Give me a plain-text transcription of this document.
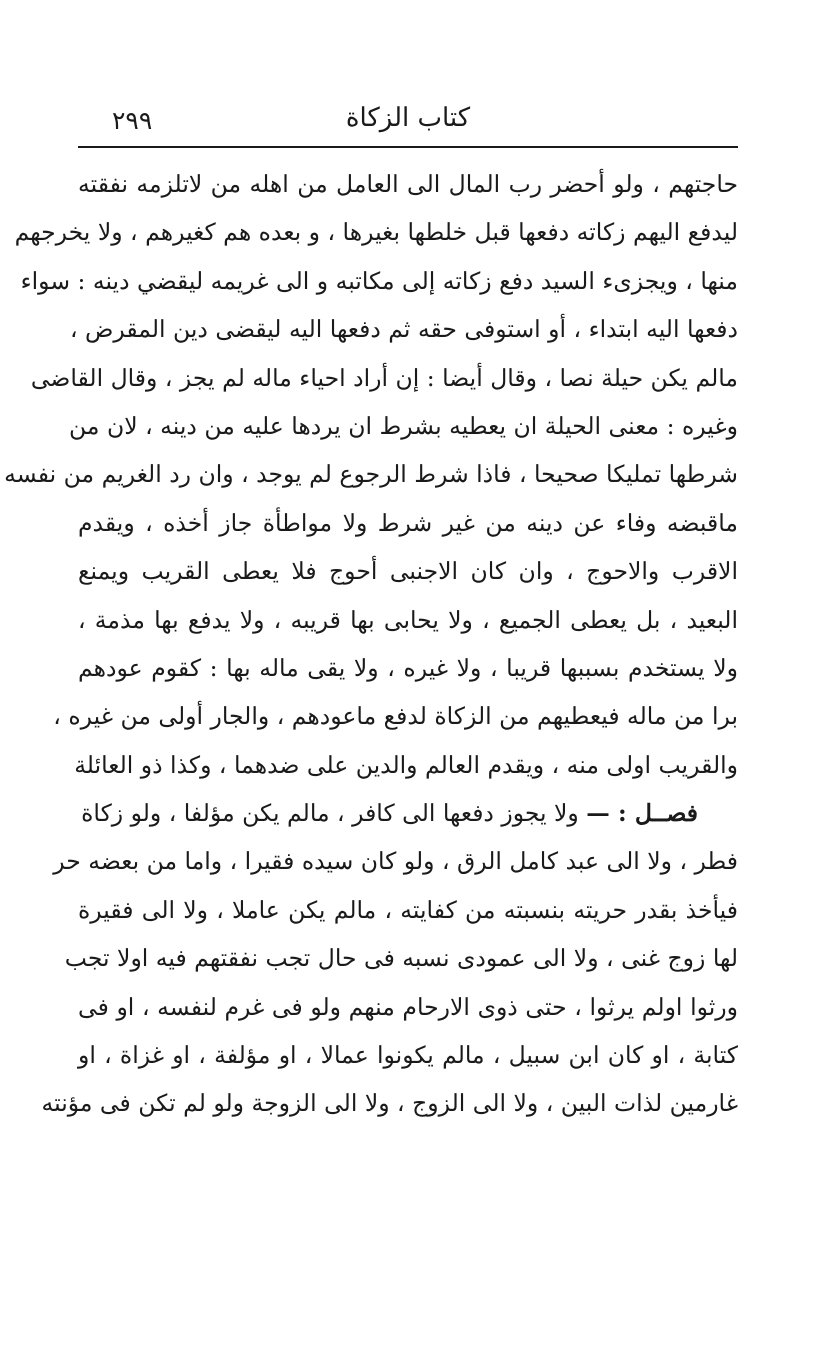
كتاب الزكاة
٢٩٩
حاجتهم ، ولو أحضر رب المال الى العامل من اهله من لاتلزمه نفقته
ليدفع اليهم زكاته دفعها قبل خلطها بغيرها ، و بعده هم كغيرهم ، ولا يخرجهم
منها ، ويجزىء السيد دفع زكاته إلى مكاتبه و الى غريمه ليقضي دينه : سواء
دفعها اليه ابتداء ، أو استوفى حقه ثم دفعها اليه ليقضى دين المقرض ،
مالم يكن حيلة نصا ، وقال أيضا : إن أراد احياء ماله لم يجز ، وقال القاضى
وغيره : معنى الحيلة ان يعطيه بشرط ان يردها عليه من دينه ، لان من
شرطها تمليكا صحيحا ، فاذا شرط الرجوع لم يوجد ، وان رد الغريم من نفسه
ماقبضه وفاء عن دينه من غير شرط ولا مواطأة جاز أخذه ، ويقدم
الاقرب والاحوج ، وان كان الاجنبى أحوج فلا يعطى القريب ويمنع
البعيد ، بل يعطى الجميع ، ولا يحابى بها قريبه ، ولا يدفع بها مذمة ،
ولا يستخدم بسببها قريبا ، ولا غيره ، ولا يقى ماله بها : كقوم عودهم
برا من ماله فيعطيهم من الزكاة لدفع ماعودهم ، والجار أولى من غيره ،
والقريب اولى منه ، ويقدم العالم والدين على ضدهما ، وكذا ذو العائلة
فصــل : — ولا يجوز دفعها الى كافر ، مالم يكن مؤلفا ، ولو زكاة
فطر ، ولا الى عبد كامل الرق ، ولو كان سيده فقيرا ، واما من بعضه حر
فيأخذ بقدر حريته بنسبته من كفايته ، مالم يكن عاملا ، ولا الى فقيرة
لها زوج غنى ، ولا الى عمودى نسبه فى حال تجب نفقتهم فيه اولا تجب
ورثوا اولم يرثوا ، حتى ذوى الارحام منهم ولو فى غرم لنفسه ، او فى
كتابة ، او كان ابن سبيل ، مالم يكونوا عمالا ، او مؤلفة ، او غزاة ، او
غارمين لذات البين ، ولا الى الزوج ، ولا الى الزوجة ولو لم تكن فى مؤنته
